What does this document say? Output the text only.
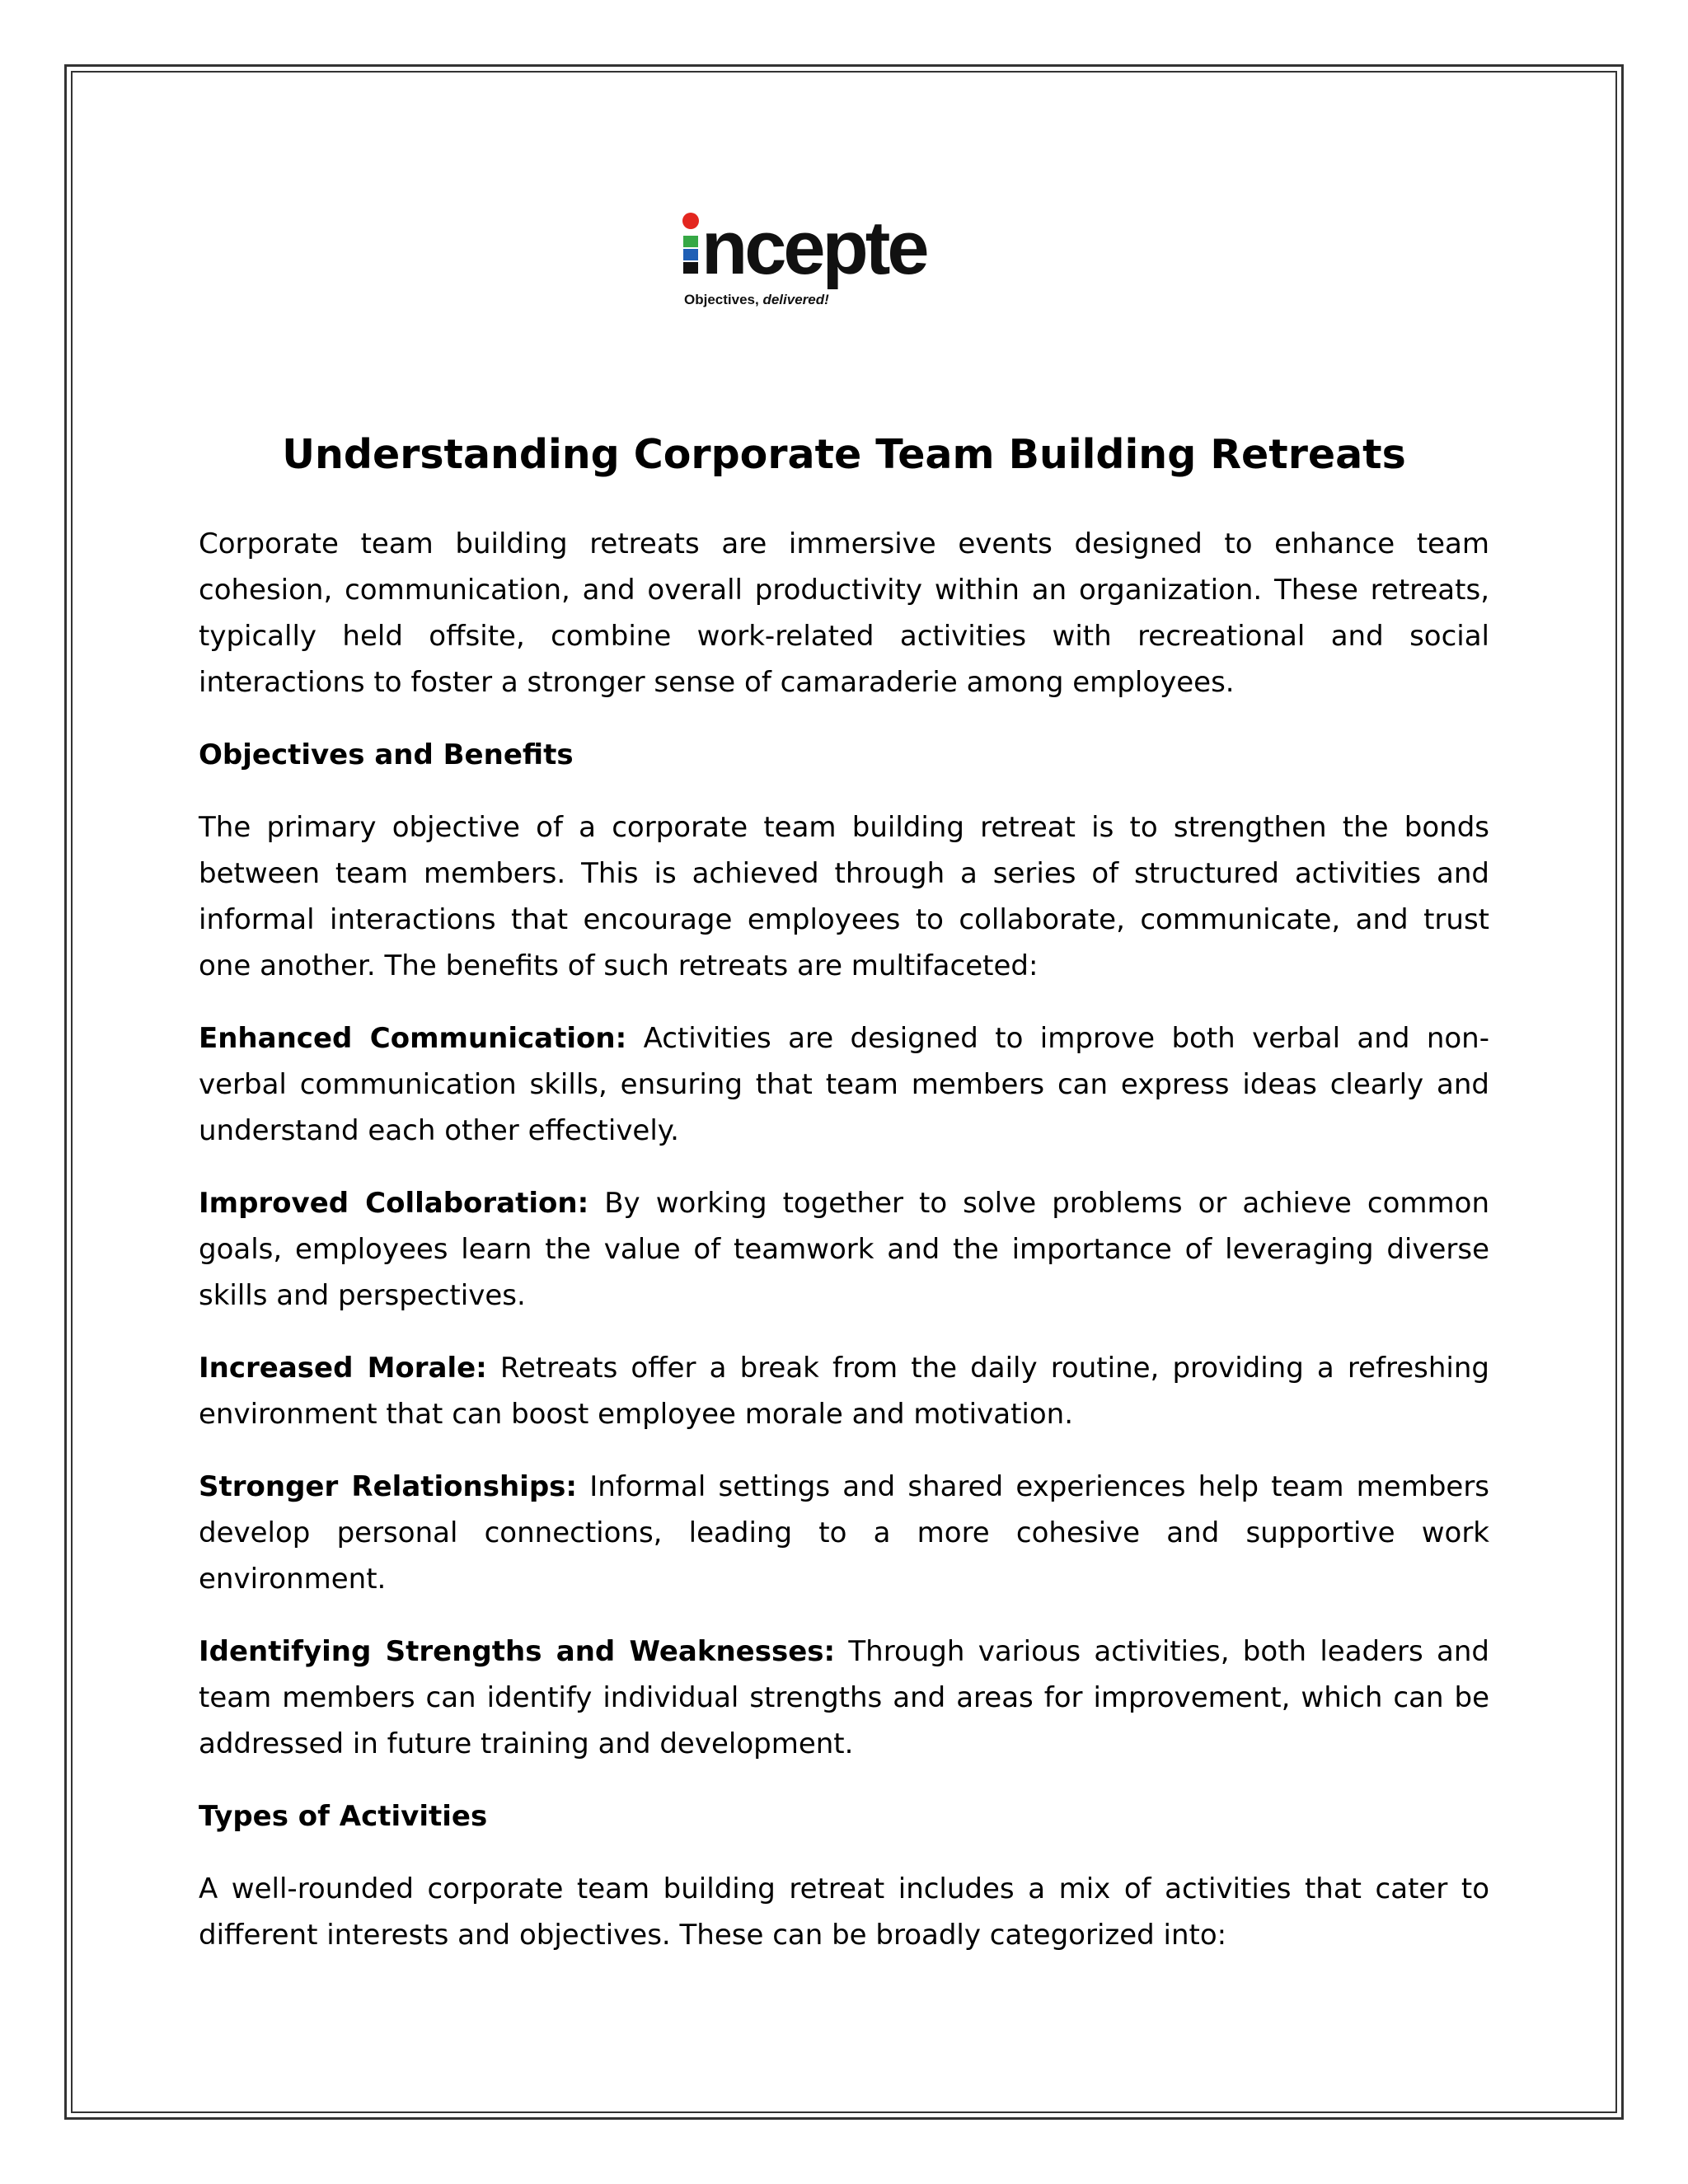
ncepte
Objectives, delivered!
Understanding Corporate Team Building Retreats

Corporate team building retreats are immersive events designed to enhance team cohesion, communication, and overall productivity within an organization. These retreats, typically held offsite, combine work-related activities with recreational and social interactions to foster a stronger sense of camaraderie among employees.

Objectives and Benefits

The primary objective of a corporate team building retreat is to strengthen the bonds between team members. This is achieved through a series of structured activities and informal interactions that encourage employees to collaborate, communicate, and trust one another. The benefits of such retreats are multifaceted:

Enhanced Communication: Activities are designed to improve both verbal and non-verbal communication skills, ensuring that team members can express ideas clearly and understand each other effectively.

Improved Collaboration: By working together to solve problems or achieve common goals, employees learn the value of teamwork and the importance of leveraging diverse skills and perspectives.

Increased Morale: Retreats offer a break from the daily routine, providing a refreshing environment that can boost employee morale and motivation.

Stronger Relationships: Informal settings and shared experiences help team members develop personal connections, leading to a more cohesive and supportive work environment.

Identifying Strengths and Weaknesses: Through various activities, both leaders and team members can identify individual strengths and areas for improvement, which can be addressed in future training and development.

Types of Activities

A well-rounded corporate team building retreat includes a mix of activities that cater to different interests and objectives. These can be broadly categorized into:
